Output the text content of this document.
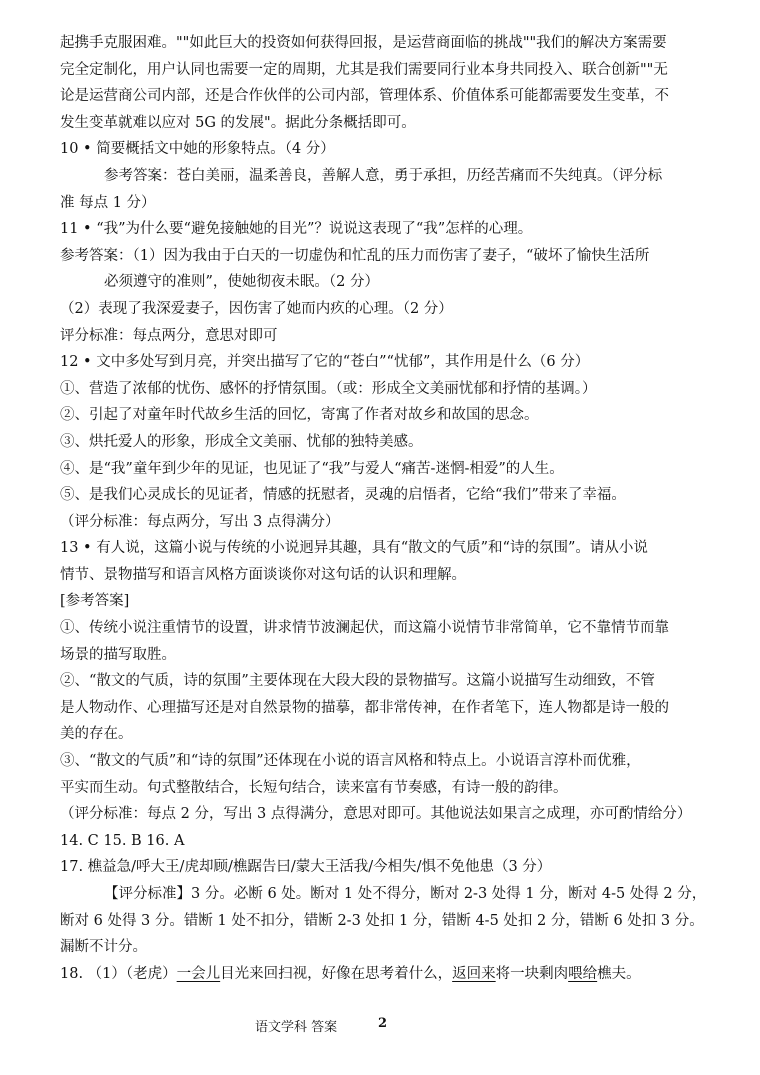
起携手克服困难。""如此巨大的投资如何获得回报，是运营商面临的挑战""我们的解决方案需要
完全定制化，用户认同也需要一定的周期，尤其是我们需要同行业本身共同投入、联合创新""无
论是运营商公司内部，还是合作伙伴的公司内部，管理体系、价值体系可能都需要发生变革，不
发生变革就难以应对 5G 的发展"。据此分条概括即可。
10 • 简要概括文中她的形象特点。（4 分）
参考答案：苍白美丽，温柔善良，善解人意，勇于承担，历经苦痛而不失纯真。（评分标
准 每点 1 分）
11 • “我”为什么要“避免接触她的目光”？说说这表现了“我”怎样的心理。
参考答案：（1）因为我由于白天的一切虚伪和忙乱的压力而伤害了妻子，“破坏了愉快生活所
必须遵守的准则”，使她彻夜未眠。（2 分）
（2）表现了我深爱妻子，因伤害了她而内疚的心理。（2 分）
评分标准：每点两分，意思对即可
12 • 文中多处写到月亮，并突出描写了它的“苍白”“忧郁”，其作用是什么（6 分）
①、营造了浓郁的忧伤、感怀的抒情氛围。（或：形成全文美丽忧郁和抒情的基调。）
②、引起了对童年时代故乡生活的回忆，寄寓了作者对故乡和故国的思念。
③、烘托爱人的形象，形成全文美丽、忧郁的独特美感。
④、是“我”童年到少年的见证，也见证了“我”与爱人“痛苦-迷惘-相爱”的人生。
⑤、是我们心灵成长的见证者，情感的抚慰者，灵魂的启悟者，它给“我们”带来了幸福。
（评分标准：每点两分，写出 3 点得满分）
13 • 有人说，这篇小说与传统的小说迥异其趣，具有“散文的气质”和“诗的氛围”。请从小说
情节、景物描写和语言风格方面谈谈你对这句话的认识和理解。
[参考答案]
①、传统小说注重情节的设置，讲求情节波澜起伏，而这篇小说情节非常简单，它不靠情节而靠
场景的描写取胜。
②、“散文的气质，诗的氛围”主要体现在大段大段的景物描写。这篇小说描写生动细致，不管
是人物动作、心理描写还是对自然景物的描摹，都非常传神，在作者笔下，连人物都是诗一般的
美的存在。
③、“散文的气质”和“诗的氛围”还体现在小说的语言风格和特点上。小说语言淳朴而优雅，
平实而生动。句式整散结合，长短句结合，读来富有节奏感，有诗一般的韵律。
（评分标准：每点 2 分，写出 3 点得满分，意思对即可。其他说法如果言之成理，亦可酌情给分）
14. C 15. B 16. A
17. 樵益急/呼大王/虎却顾/樵踞告曰/蒙大王活我/今相失/惧不免他患（3 分）
【评分标准】3 分。必断 6 处。断对 1 处不得分，断对 2-3 处得 1 分，断对 4-5 处得 2 分，
断对 6 处得 3 分。错断 1 处不扣分，错断 2-3 处扣 1 分，错断 4-5 处扣 2 分，错断 6 处扣 3 分。
漏断不计分。
18. （1）（老虎）一会儿目光来回扫视，好像在思考着什么，返回来将一块剩肉喂给樵夫。
语文学科 答案	2
